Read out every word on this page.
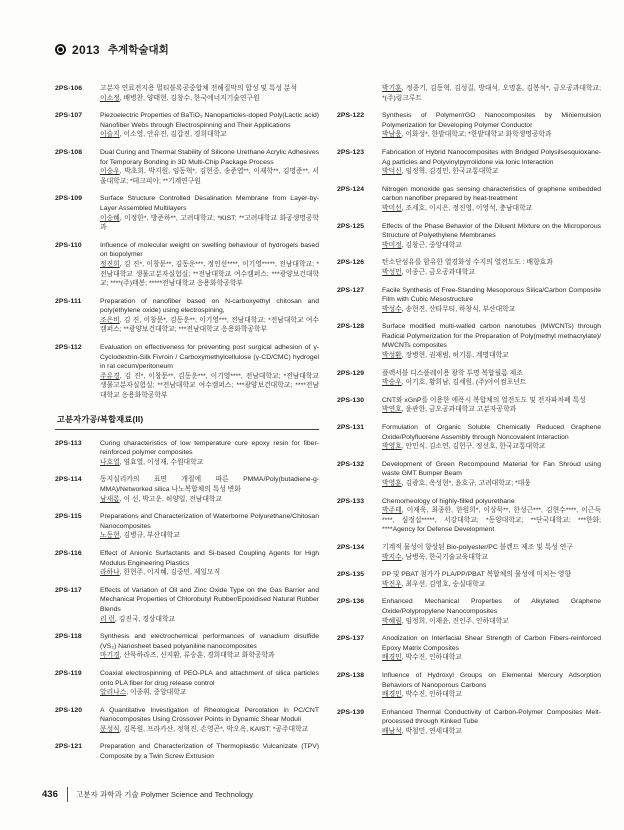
2013 추계학술대회
2PS-106	고분자 연료전지용 멀티블록공중합체 전해질막의 합성 및 특성 분석
이소정, 배병찬, 양태현, 김창수, 한국에너지기술연구원
2PS-107	Piezoelectric Properties of BaTiO₃ Nanoparticles-doped Poly(Lactic acid) Nanofiber Webs through Electrospinning and Their Applications
이슬지, 이소영, 안유진, 김갑진, 경희대학교
2PS-108	Dual Curing and Thermal Stability of Silicone Urethane Acrylic Adhesives for Temporary Bonding in 3D Multi-Chip Package Process
이승우, 박초희, 박지원, 임동혁*, 김현중, 송준엽**, 이재학**, 김명준**, 서울대학교; *테크피아; **기계연구원
2PS-109	Surface Structure Controlled Desalination Membrane from Layer-by-Layer Assembled Multilayers
이승혜, 이정한*, 방준하**, 고려대학교; *KIST; **고려대학교 화공생명공학과
2PS-110	Influence of molecular weight on swelling behaviour of hydrogels based on biopolymer
정진희, 김 진*, 이창문**, 김동운***, 정인선****, 이기영*****, 전남대학교; *전남대학교 생물고분자실험실; **전남대학교 여수캠퍼스; ***광양보건대학교; ****(주)태봉; *****전남대학교 응용화학공학부
2PS-111	Preparation of nanofiber based on N-carboxyethyl chitosan and poly(ethylene oxide) using electrospining,
조은비, 김 진, 이창문*, 김동운**, 이기영***, 전남대학교; *전남대학교 여수캠퍼스; **광양보건대학교; ***전남대학교 응용화학공학부
2PS-112	Evaluation on effectiveness for preventing post surgical adhesion of γ-Cyclodextrin-Silk Fivroin / Carboxymethylcellulose (γ-CD/CMC) hydrogel in rat cecum/peritoneum
주유경, 김 진*, 이창문**, 김동운***, 이기영****, 전남대학교; *전남대학교 생물고분자실험실; **전남대학교 여수캠퍼스; ***광양보건대학교; ****전남대학교 응용화학공학부
고분자가공/복합재료(II)
2PS-113	Curing characteristics of low temperature cure epoxy resin for fiber-reinforced polymer composites
나호열, 염효열, 이성재, 수원대학교
2PS-114	동지실리카의 표면 개질에 따른 PMMA/Poly(butadiene-g-MMA)/Networked silica 나노복합체의 특성 변화
남새롬, 이 선, 박고운, 허양일, 전남대학교
2PS-115	Preparations and Characterization of Waterborne Polyurethane/Chitosan Nanocomposites
노동현, 김병규, 부산대학교
2PS-116	Effect of Anionic Surfactants and Si-based Coupling Agents for High Modulus Engineering Plastics
라하나, 한현주, 이지혜, 김중민, 제일모직
2PS-117	Effects of Variation of Oil and Zinc Oxide Type on the Gas Barrier and Mechanical Properties of Chlorobutyl Rubber/Epoxidised Natural Rubber Blends
리 런, 김진국, 경상대학교
2PS-118	Synthesis and electrochemical performances of vanadium disulfide (VS₂) Nanosheet based polyaniline nanocomposites
마기경, 산묵하라즈, 신지환, 류승훈, 경희대학교 화학공학과
2PS-119	Coaxial electrospinning of PEO-PLA and attachment of silica particles onto PLA fiber for drug release control
알리나스, 이종휘, 중앙대학교
2PS-120	A Quantitative Investigation of Rheological Percolation in PC/CNT Nanocomposites Using Crossover Points in Dynamic Shear Moduli
문성식, 김목원, 프라카산, 정혁진, 손영곤*, 박오옥, KAIST; *공주대학교
2PS-121	Preparation and Characterization of Thermoplastic Vulcanizate (TPV) Composite by a Twin Screw Extrusion
박기훈, 정종기, 김동혁, 김성길, 방대석, 오명훈, 김봉석*, 금오공과대학교; *(주)링크루트
2PS-122	Synthesis of Polymer/rGO Nanocomposites by Miniemulsion Polymerization for Developing Polymer Conductor
박남웅, 이화성*, 한밭대학교; *한밭대학교 화학생명공학과
2PS-123	Fabrication of Hybrid Nanocomposites with Bridged Polysilsesquioxane-Ag particles and Polyvinylpyrrolidone via Ionic Interaction
박덕신, 임정혁, 김경민, 한국교통대학교
2PS-124	Nitrogen monoxide gas sensing characteristics of graphene embedded carbon nanofiber prepared by heat-treatment
박미선, 조세호, 이시은, 정진영, 이영석, 충남대학교
2PS-125	Effects of the Phase Behavior of the Diluent Mixture on the Microporous Structure of Polyethylene Membranes
박미정, 김창근, 중앙대학교
2PS-126	탄소단섬유를 함유한 열경화성 수지의 열전도도 : 배향효과
박성민, 이종근, 금오공과대학교
2PS-127	Facile Synthesis of Free-Standing Mesoporous Silica/Carbon Composite Film with Cubic Mesostructure
박성수, 송현진, 산타무티, 하창식, 부산대학교
2PS-128	Surface modified multi-walled carbon nanotubes (MWCNTs) through Radical Polymerization for the Preparation of Poly(methyl methacrylate)/ MWCNTs composites
박성환, 장병현, 권재범, 허기룡, 계명대학교
2PS-129	플렉서블 디스플레이용 광학 투명 복합필름 제조
박승우, 이기호, 황희남, 김세원, (주)아이컴포넌트
2PS-130	CNT와 xGnP를 이용한 에폭시 복합체의 열전도도 및 전자파차폐 특성
박연호, 윤관한, 금오공과대학교 고분자공학과
2PS-131	Formulation of Organic Soluble Chemically Reduced Graphene Oxide/Polyfluorene Assembly through Noncovalent Interaction
박영호, 안민식, 김소연, 김헌구, 정선호, 한국교통대학교
2PS-132	Development of Green Recompound Material for Fan Shroud using waste GMT Bumper Beam
박영훈, 김광호, 옥성현*, 윤호규, 고려대학교; *대웅
2PS-133	Chemorheology of highly-filled polyurethane
박주태, 이재욱, 최종한, 한원희*, 이상묵**, 한성근***, 김현수****, 이근득****, 심정섭*****, 서강대학교; *동양대학교; **단국대학교; ***한화; ****Agency for Defense Development
2PS-134	기계적 물성이 향상된 Bio-polyester/PC 블렌드 제조 및 특성 연구
박지수, 남병욱, 한국기술교육대학교
2PS-135	PP 및 PBAT 첨가가 PLA/PP/PBAT 복합체의 물성에 미치는 영향
박진우, 최우선, 김영호, 숭실대학교
2PS-136	Enhanced Mechanical Properties of Alkylated Graphene Oxide/Polypropylene Nanocomposites
박혜림, 임정희, 이재윤, 진인주, 인하대학교
2PS-137	Anodization on Interfacial Shear Strength of Carbon Fibers-reinforced Epoxy Matrix Composites
배경민, 박수진, 인하대학교
2PS-138	Influence of Hydroxyl Groups on Elemental Mercury Adsorption Behaviors of Nanoporous Carbons
배경민, 박수진, 인하대학교
2PS-139	Enhanced Thermal Conductivity of Carbon-Polymer Composites Melt-processed through Kinked Tube
배남석, 박철민, 연세대학교
436 고분자 과학과 기술 Polymer Science and Technology
